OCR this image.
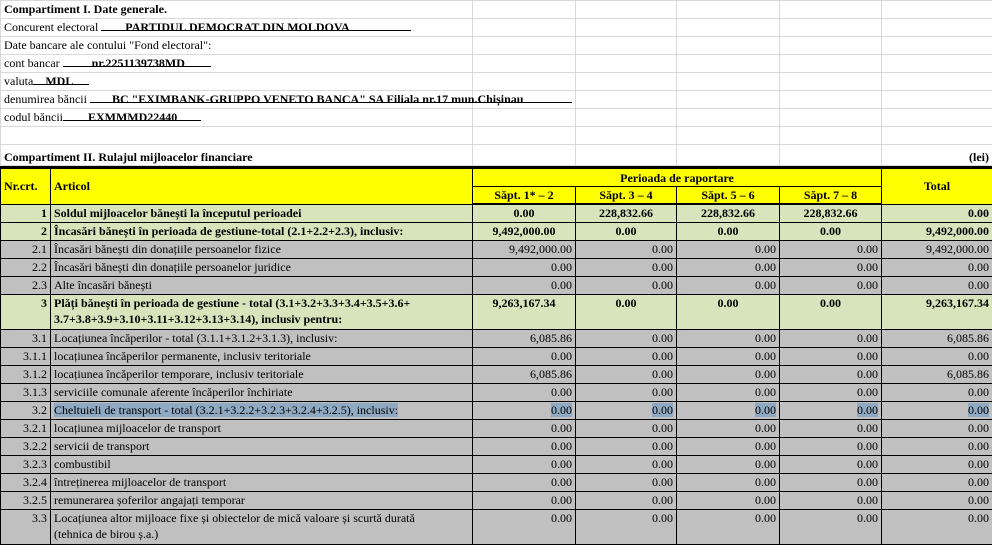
Compartiment I. Date generale.					
Concurent electoral PARTIDUL DEMOCRAT DIN MOLDOVA					
Date bancare ale contului "Fond electoral":					
cont bancar nr.2251139738MD					
valuta MDL					
denumirea băncii BC "EXIMBANK-GRUPPO VENETO BANCA" SA Filiala nr.17 mun.Chișinau					
codul băncii EXMMMD22440					

Compartiment II. Rulajul mijloacelor financiare					(lei)
Nr.crt.	Articol	Perioada de raportare				Total
		Săpt. 1* – 2	Săpt. 3 – 4	Săpt. 5 – 6	Săpt. 7 – 8	
1	Soldul mijloacelor bănești la începutul perioadei	0.00	228,832.66	228,832.66	228,832.66	0.00
2	Încasări bănești în perioada de gestiune-total (2.1+2.2+2.3), inclusiv:	9,492,000.00	0.00	0.00	0.00	9,492,000.00
2.1	Încasări bănești din donațiile persoanelor fizice	9,492,000.00	0.00	0.00	0.00	9,492,000.00
2.2	Încasări bănești din donațiile persoanelor juridice	0.00	0.00	0.00	0.00	0.00
2.3	Alte încasări bănești	0.00	0.00	0.00	0.00	0.00
3	Plăți bănești în perioada de gestiune - total (3.1+3.2+3.3+3.4+3.5+3.6+
3.7+3.8+3.9+3.10+3.11+3.12+3.13+3.14), inclusiv pentru:	9,263,167.34	0.00	0.00	0.00	9,263,167.34
3.1	Locațiunea încăperilor - total (3.1.1+3.1.2+3.1.3), inclusiv:	6,085.86	0.00	0.00	0.00	6,085.86
3.1.1	locațiunea încăperilor permanente, inclusiv teritoriale	0.00	0.00	0.00	0.00	0.00
3.1.2	locațiunea încăperilor temporare, inclusiv teritoriale	6,085.86	0.00	0.00	0.00	6,085.86
3.1.3	serviciile comunale aferente încăperilor închiriate	0.00	0.00	0.00	0.00	0.00
3.2	Cheltuieli de transport - total (3.2.1+3.2.2+3.2.3+3.2.4+3.2.5), inclusiv:	0.00	0.00	0.00	0.00	0.00
3.2.1	locațiunea mijloacelor de transport	0.00	0.00	0.00	0.00	0.00
3.2.2	servicii de transport	0.00	0.00	0.00	0.00	0.00
3.2.3	combustibil	0.00	0.00	0.00	0.00	0.00
3.2.4	întreținerea mijloacelor de transport	0.00	0.00	0.00	0.00	0.00
3.2.5	remunerarea șoferilor angajați temporar	0.00	0.00	0.00	0.00	0.00
3.3	Locațiunea altor mijloace fixe și obiectelor de mică valoare și scurtă durată
(tehnica de birou ș.a.)	0.00	0.00	0.00	0.00	0.00
